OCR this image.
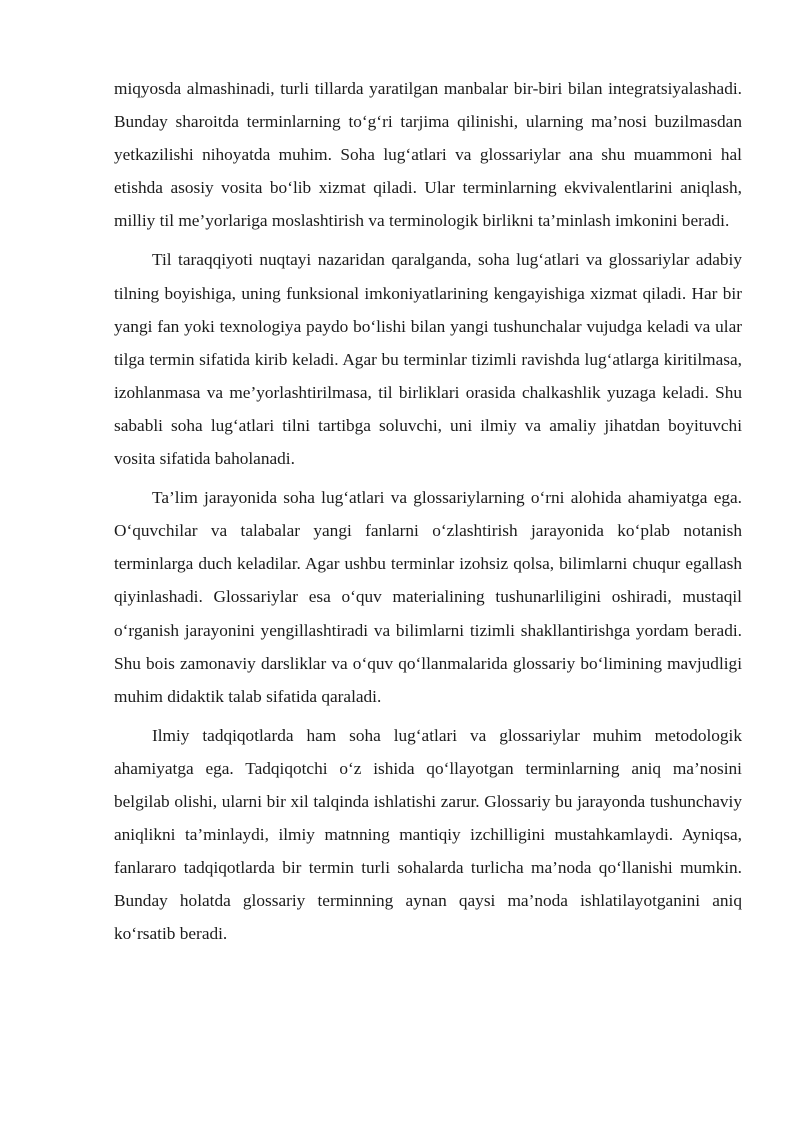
miqyosda almashinadi, turli tillarda yaratilgan manbalar bir-biri bilan integratsiyalashadi. Bunday sharoitda terminlarning to‘g‘ri tarjima qilinishi, ularning ma’nosi buzilmasdan yetkazilishi nihoyatda muhim. Soha lug‘atlari va glossariylar ana shu muammoni hal etishda asosiy vosita bo‘lib xizmat qiladi. Ular terminlarning ekvivalentlarini aniqlash, milliy til me’yorlariga moslashtirish va terminologik birlikni ta’minlash imkonini beradi.

Til taraqqiyoti nuqtayi nazaridan qaralganda, soha lug‘atlari va glossariylar adabiy tilning boyishiga, uning funksional imkoniyatlarining kengayishiga xizmat qiladi. Har bir yangi fan yoki texnologiya paydo bo‘lishi bilan yangi tushunchalar vujudga keladi va ular tilga termin sifatida kirib keladi. Agar bu terminlar tizimli ravishda lug‘atlarga kiritilmasa, izohlanmasa va me’yorlashtirilmasa, til birliklari orasida chalkashlik yuzaga keladi. Shu sababli soha lug‘atlari tilni tartibga soluvchi, uni ilmiy va amaliy jihatdan boyituvchi vosita sifatida baholanadi.

Ta’lim jarayonida soha lug‘atlari va glossariylarning o‘rni alohida ahamiyatga ega. O‘quvchilar va talabalar yangi fanlarni o‘zlashtirish jarayonida ko‘plab notanish terminlarga duch keladilar. Agar ushbu terminlar izohsiz qolsa, bilimlarni chuqur egallash qiyinlashadi. Glossariylar esa o‘quv materialining tushunarliligini oshiradi, mustaqil o‘rganish jarayonini yengillashtiradi va bilimlarni tizimli shakllantirishga yordam beradi. Shu bois zamonaviy darsliklar va o‘quv qo‘llanmalarida glossariy bo‘limining mavjudligi muhim didaktik talab sifatida qaraladi.

Ilmiy tadqiqotlarda ham soha lug‘atlari va glossariylar muhim metodologik ahamiyatga ega. Tadqiqotchi o‘z ishida qo‘llayotgan terminlarning aniq ma’nosini belgilab olishi, ularni bir xil talqinda ishlatishi zarur. Glossariy bu jarayonda tushunchaviy aniqlikni ta’minlaydi, ilmiy matnning mantiqiy izchilligini mustahkamlaydi. Ayniqsa, fanlararo tadqiqotlarda bir termin turli sohalarda turlicha ma’noda qo‘llanishi mumkin. Bunday holatda glossariy terminning aynan qaysi ma’noda ishlatilayotganini aniq ko‘rsatib beradi.
